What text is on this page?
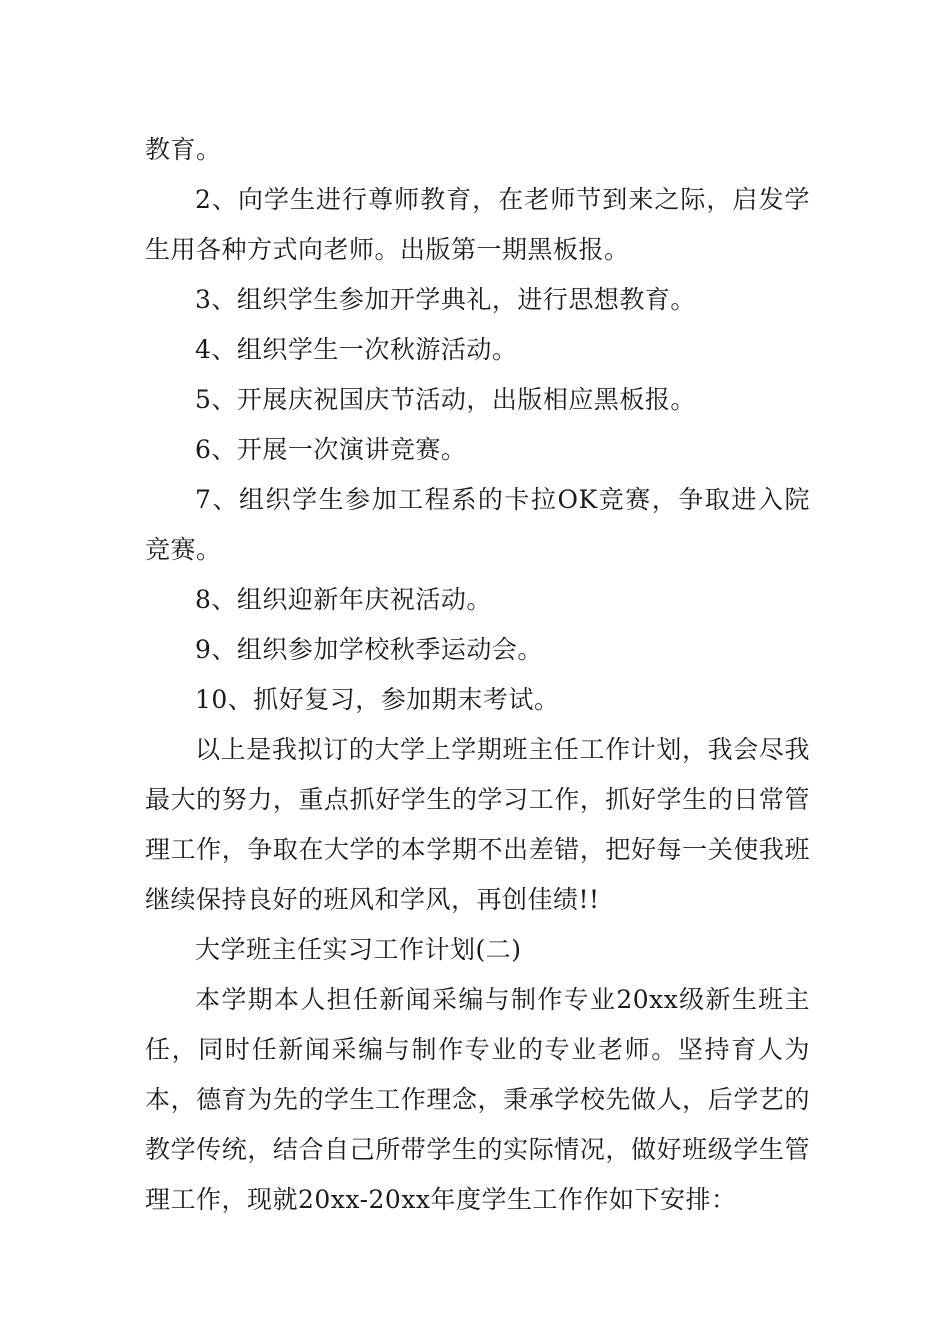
教育。

2、向学生进行尊师教育，在老师节到来之际，启发学生用各种方式向老师。出版第一期黑板报。

3、组织学生参加开学典礼，进行思想教育。

4、组织学生一次秋游活动。

5、开展庆祝国庆节活动，出版相应黑板报。

6、开展一次演讲竞赛。

7、组织学生参加工程系的卡拉OK竞赛，争取进入院竞赛。

8、组织迎新年庆祝活动。

9、组织参加学校秋季运动会。

10、抓好复习，参加期末考试。

以上是我拟订的大学上学期班主任工作计划，我会尽我最大的努力，重点抓好学生的学习工作，抓好学生的日常管理工作，争取在大学的本学期不出差错，把好每一关使我班继续保持良好的班风和学风，再创佳绩!!

大学班主任实习工作计划(二)

本学期本人担任新闻采编与制作专业20xx级新生班主任，同时任新闻采编与制作专业的专业老师。坚持育人为本，德育为先的学生工作理念，秉承学校先做人，后学艺的教学传统，结合自己所带学生的实际情况，做好班级学生管理工作，现就20xx-20xx年度学生工作作如下安排：
